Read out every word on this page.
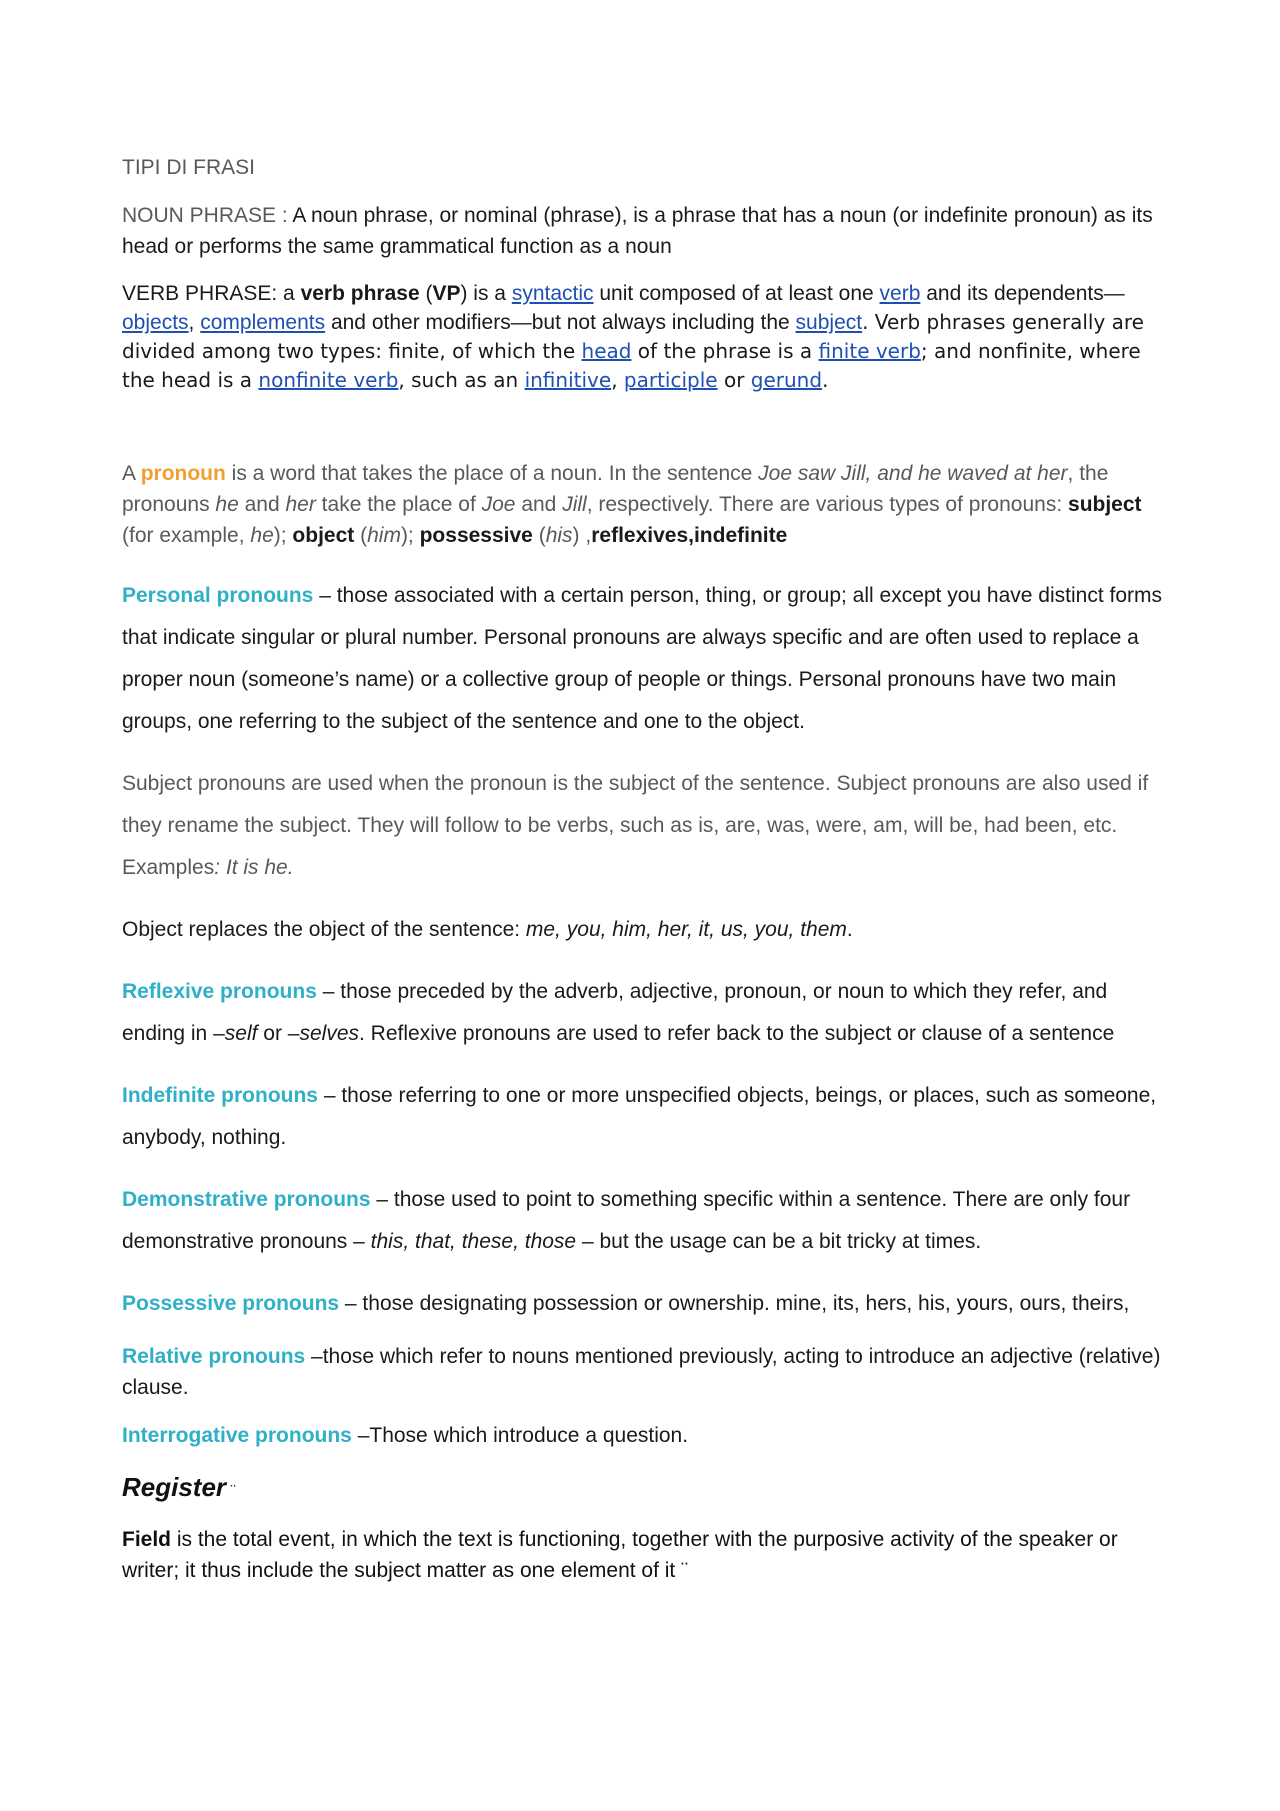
TIPI DI FRASI

NOUN PHRASE : A noun phrase, or nominal (phrase), is a phrase that has a noun (or indefinite pronoun) as its head or performs the same grammatical function as a noun

VERB PHRASE: a verb phrase (VP) is a syntactic unit composed of at least one verb and its dependents—objects, complements and other modifiers—but not always including the subject. Verb phrases generally are divided among two types: finite, of which the head of the phrase is a finite verb; and nonfinite, where the head is a nonfinite verb, such as an infinitive, participle or gerund.

A pronoun is a word that takes the place of a noun. In the sentence Joe saw Jill, and he waved at her, the pronouns he and her take the place of Joe and Jill, respectively. There are various types of pronouns: subject (for example, he); object (him); possessive (his) ,reflexives,indefinite

Personal pronouns – those associated with a certain person, thing, or group; all except you have distinct forms that indicate singular or plural number. Personal pronouns are always specific and are often used to replace a proper noun (someone’s name) or a collective group of people or things. Personal pronouns have two main groups, one referring to the subject of the sentence and one to the object.

Subject pronouns are used when the pronoun is the subject of the sentence. Subject pronouns are also used if they rename the subject. They will follow to be verbs, such as is, are, was, were, am, will be, had been, etc. Examples: It is he.

Object replaces the object of the sentence: me, you, him, her, it, us, you, them.

Reflexive pronouns – those preceded by the adverb, adjective, pronoun, or noun to which they refer, and ending in –self or –selves. Reflexive pronouns are used to refer back to the subject or clause of a sentence

Indefinite pronouns – those referring to one or more unspecified objects, beings, or places, such as someone, anybody, nothing.

Demonstrative pronouns – those used to point to something specific within a sentence. There are only four demonstrative pronouns – this, that, these, those – but the usage can be a bit tricky at times.

Possessive pronouns – those designating possession or ownership. mine, its, hers, his, yours, ours, theirs,

Relative pronouns –those which refer to nouns mentioned previously, acting to introduce an adjective (relative) clause.

Interrogative pronouns –Those which introduce a question.

Register ¨

Field is the total event, in which the text is functioning, together with the purposive activity of the speaker or writer; it thus include the subject matter as one element of it ¨
